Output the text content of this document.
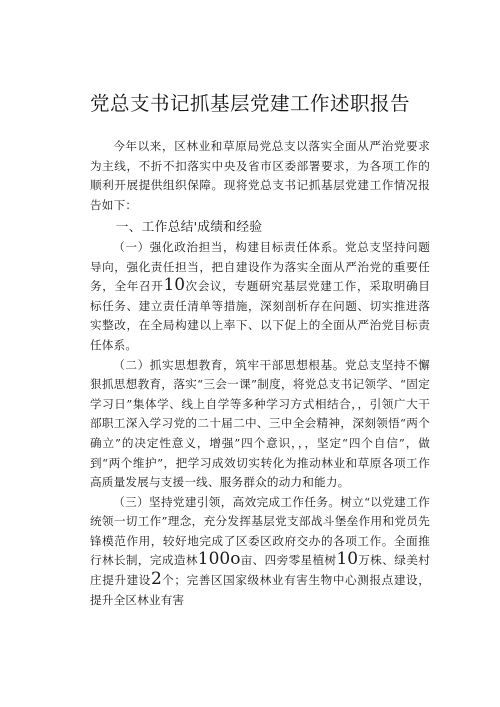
党总支书记抓基层党建工作述职报告

今年以来，区林业和草原局党总支以落实全面从严治党要求为主线，不折不扣落实中央及省市区委部署要求，为各项工作的顺利开展提供组织保障。现将党总支书记抓基层党建工作情况报告如下：

一、工作总结'成绩和经验

（一）强化政治担当，构建目标责任体系。党总支坚持问题导向，强化责任担当，把自建设作为落实全面从严治党的重要任务，全年召开10次会议，专题研究基层党建工作，采取明确目标任务、建立责任清单等措施，深刻剖析存在问题、切实推进落实整改，在全局构建以上率下、以下促上的全面从严治党目标责任体系。

（二）抓实思想教育，筑牢干部思想根基。党总支坚持不懈狠抓思想教育，落实“三会一课”制度，将党总支书记领学、“固定学习日”集体学、线上自学等多种学习方式相结合，，引领广大干部职工深入学习党的二十届二中、三中全会精神，深刻领悟“两个确立”的决定性意义，增强”四个意识，，，坚定“四个自信”，做到“两个维护”，把学习成效切实转化为推动林业和草原各项工作高质量发展与支援一线、服务群众的动力和能力。

（三）坚持党建引领，高效完成工作任务。树立“以党建工作统领一切工作”理念，充分发挥基层党支部战斗堡垒作用和党员先锋模范作用，较好地完成了区委区政府交办的各项工作。全面推行林长制，完成造林100o亩、四旁零星植树10万株、绿美村庄提升建设2个；完善区国家级林业有害生物中心测报点建设，提升全区林业有害
